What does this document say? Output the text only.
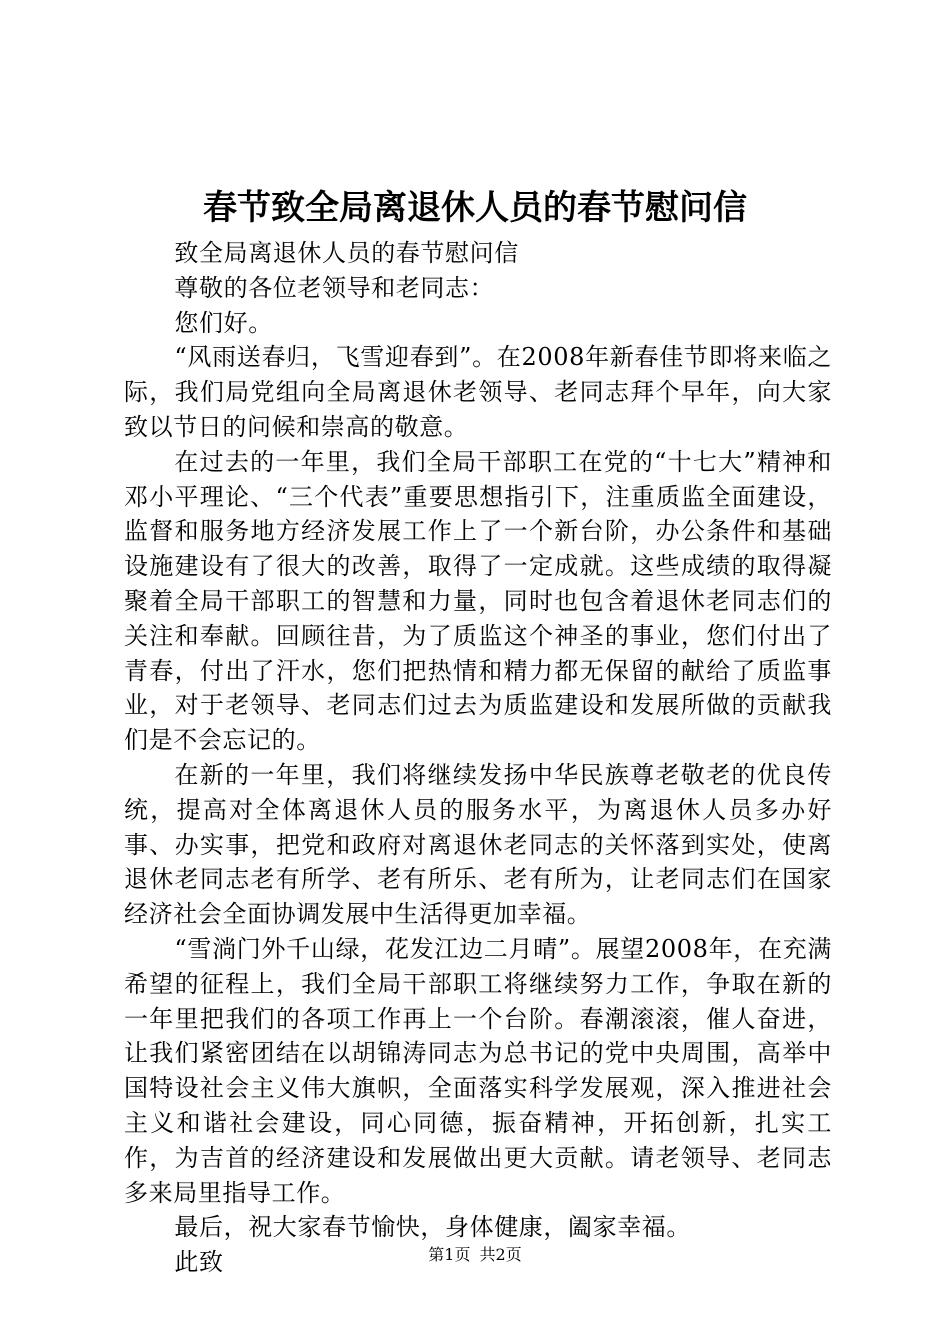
春节致全局离退休人员的春节慰问信

致全局离退休人员的春节慰问信

尊敬的各位老领导和老同志：

您们好。

“风雨送春归，飞雪迎春到”。在2008年新春佳节即将来临之际，我们局党组向全局离退休老领导、老同志拜个早年，向大家致以节日的问候和崇高的敬意。

在过去的一年里，我们全局干部职工在党的“十七大”精神和邓小平理论、“三个代表”重要思想指引下，注重质监全面建设，监督和服务地方经济发展工作上了一个新台阶，办公条件和基础设施建设有了很大的改善，取得了一定成就。这些成绩的取得凝聚着全局干部职工的智慧和力量，同时也包含着退休老同志们的关注和奉献。回顾往昔，为了质监这个神圣的事业，您们付出了青春，付出了汗水，您们把热情和精力都无保留的献给了质监事业，对于老领导、老同志们过去为质监建设和发展所做的贡献我们是不会忘记的。

在新的一年里，我们将继续发扬中华民族尊老敬老的优良传统，提高对全体离退休人员的服务水平，为离退休人员多办好事、办实事，把党和政府对离退休老同志的关怀落到实处，使离退休老同志老有所学、老有所乐、老有所为，让老同志们在国家经济社会全面协调发展中生活得更加幸福。

“雪淌门外千山绿，花发江边二月晴”。展望2008年，在充满希望的征程上，我们全局干部职工将继续努力工作，争取在新的一年里把我们的各项工作再上一个台阶。春潮滚滚，催人奋进，让我们紧密团结在以胡锦涛同志为总书记的党中央周围，高举中国特设社会主义伟大旗帜，全面落实科学发展观，深入推进社会主义和谐社会建设，同心同德，振奋精神，开拓创新，扎实工作，为吉首的经济建设和发展做出更大贡献。请老领导、老同志多来局里指导工作。

最后，祝大家春节愉快，身体健康，阖家幸福。

此致	第1页 共2页
